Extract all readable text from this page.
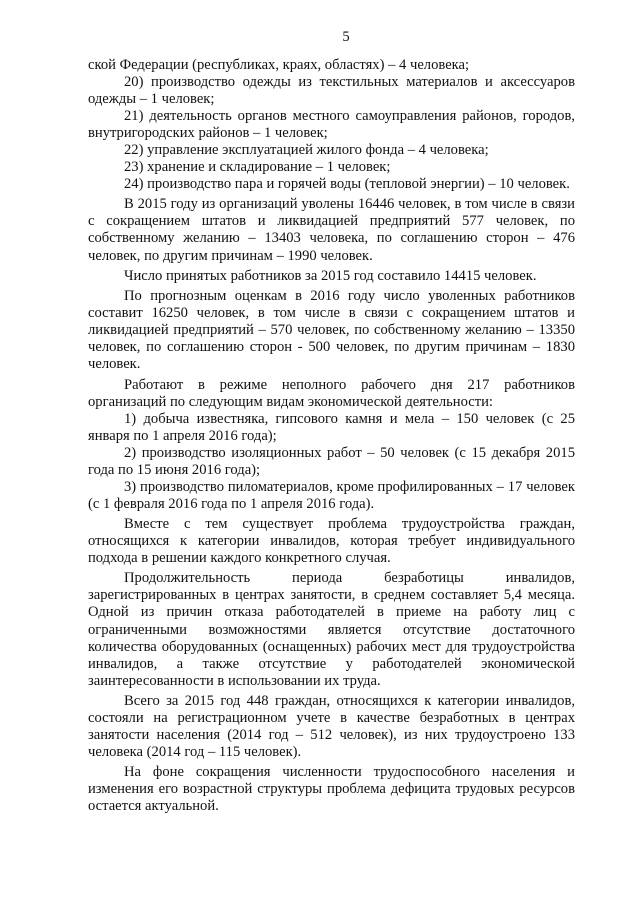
5

ской Федерации (республиках, краях, областях) – 4 человека;

20) производство одежды из текстильных материалов и аксессуаров одежды – 1 человек;

21) деятельность органов местного самоуправления районов, городов, внутригородских районов – 1 человек;

22) управление эксплуатацией жилого фонда – 4 человека;

23) хранение и складирование – 1 человек;

24) производство пара и горячей воды (тепловой энергии) – 10 человек.

В 2015 году из организаций уволены 16446 человек, в том числе в связи с сокращением штатов и ликвидацией предприятий 577 человек, по собственному желанию – 13403 человека, по соглашению сторон – 476 человек, по другим причинам – 1990 человек.

Число принятых работников за 2015 год составило 14415 человек.

По прогнозным оценкам в 2016 году число уволенных работников составит 16250 человек, в том числе в связи с сокращением штатов и ликвидацией предприятий – 570 человек, по собственному желанию – 13350 человек, по соглашению сторон - 500 человек, по другим причинам – 1830 человек.

Работают в режиме неполного рабочего дня 217 работников организаций по следующим видам экономической деятельности:

1) добыча известняка, гипсового камня и мела – 150 человек (с 25 января по 1 апреля 2016 года);

2) производство изоляционных работ – 50 человек (с 15 декабря 2015 года по 15 июня 2016 года);

3) производство пиломатериалов, кроме профилированных – 17 человек (с 1 февраля 2016 года по 1 апреля 2016 года).

Вместе с тем существует проблема трудоустройства граждан, относящихся к категории инвалидов, которая требует индивидуального подхода в решении каждого конкретного случая.

Продолжительность периода безработицы инвалидов, зарегистрированных в центрах занятости, в среднем составляет 5,4 месяца. Одной из причин отказа работодателей в приеме на работу лиц с ограниченными возможностями является отсутствие достаточного количества оборудованных (оснащенных) рабочих мест для трудоустройства инвалидов, а также отсутствие у работодателей экономической заинтересованности в использовании их труда.

Всего за 2015 год 448 граждан, относящихся к категории инвалидов, состояли на регистрационном учете в качестве безработных в центрах занятости населения (2014 год – 512 человек), из них трудоустроено 133 человека (2014 год – 115 человек).

На фоне сокращения численности трудоспособного населения и изменения его возрастной структуры проблема дефицита трудовых ресурсов остается актуальной.
